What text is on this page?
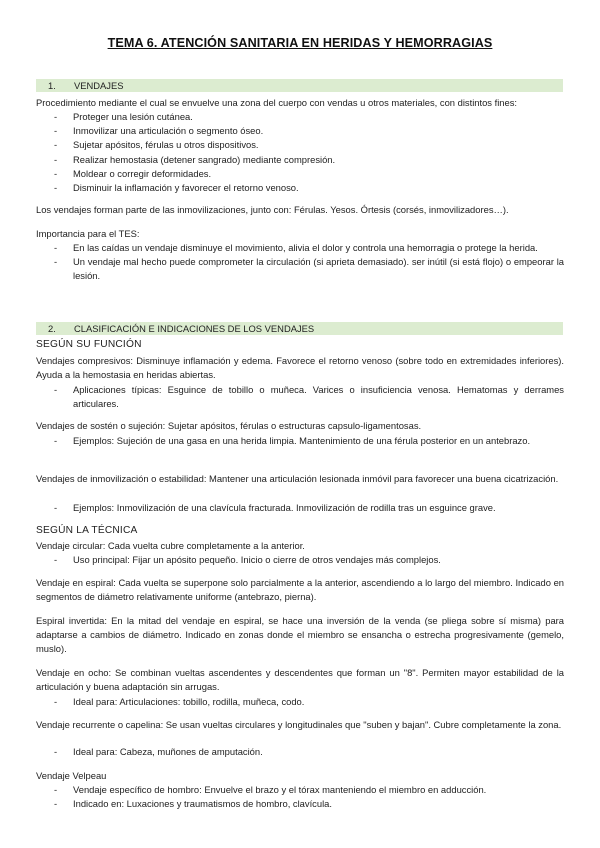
TEMA 6. ATENCIÓN SANITARIA EN HERIDAS Y HEMORRAGIAS
1. VENDAJES
Procedimiento mediante el cual se envuelve una zona del cuerpo con vendas u otros materiales, con distintos fines:
- Proteger una lesión cutánea.
- Inmovilizar una articulación o segmento óseo.
- Sujetar apósitos, férulas u otros dispositivos.
- Realizar hemostasia (detener sangrado) mediante compresión.
- Moldear o corregir deformidades.
- Disminuir la inflamación y favorecer el retorno venoso.
Los vendajes forman parte de las inmovilizaciones, junto con: Férulas. Yesos. Órtesis (corsés, inmovilizadores…).
Importancia para el TES:
- En las caídas un vendaje disminuye el movimiento, alivia el dolor y controla una hemorragia o protege la herida.
- Un vendaje mal hecho puede comprometer la circulación (si aprieta demasiado). ser inútil (si está flojo) o empeorar la lesión.
2. CLASIFICACIÓN E INDICACIONES DE LOS VENDAJES
SEGÚN SU FUNCIÓN
Vendajes compresivos: Disminuye inflamación y edema. Favorece el retorno venoso (sobre todo en extremidades inferiores). Ayuda a la hemostasia en heridas abiertas.
- Aplicaciones típicas: Esguince de tobillo o muñeca. Varices o insuficiencia venosa. Hematomas y derrames articulares.
Vendajes de sostén o sujeción: Sujetar apósitos, férulas o estructuras capsulo-ligamentosas.
- Ejemplos: Sujeción de una gasa en una herida limpia. Mantenimiento de una férula posterior en un antebrazo.
Vendajes de inmovilización o estabilidad: Mantener una articulación lesionada inmóvil para favorecer una buena cicatrización.
- Ejemplos: Inmovilización de una clavícula fracturada. Inmovilización de rodilla tras un esguince grave.
SEGÚN LA TÉCNICA
Vendaje circular: Cada vuelta cubre completamente a la anterior.
- Uso principal: Fijar un apósito pequeño. Inicio o cierre de otros vendajes más complejos.
Vendaje en espiral: Cada vuelta se superpone solo parcialmente a la anterior, ascendiendo a lo largo del miembro. Indicado en segmentos de diámetro relativamente uniforme (antebrazo, pierna).
Espiral invertida: En la mitad del vendaje en espiral, se hace una inversión de la venda (se pliega sobre sí misma) para adaptarse a cambios de diámetro. Indicado en zonas donde el miembro se ensancha o estrecha progresivamente (gemelo, muslo).
Vendaje en ocho: Se combinan vueltas ascendentes y descendentes que forman un "8". Permiten mayor estabilidad de la articulación y buena adaptación sin arrugas.
- Ideal para: Articulaciones: tobillo, rodilla, muñeca, codo.
Vendaje recurrente o capelina: Se usan vueltas circulares y longitudinales que "suben y bajan". Cubre completamente la zona.
- Ideal para: Cabeza, muñones de amputación.
Vendaje Velpeau
- Vendaje específico de hombro: Envuelve el brazo y el tórax manteniendo el miembro en adducción.
- Indicado en: Luxaciones y traumatismos de hombro, clavícula.
